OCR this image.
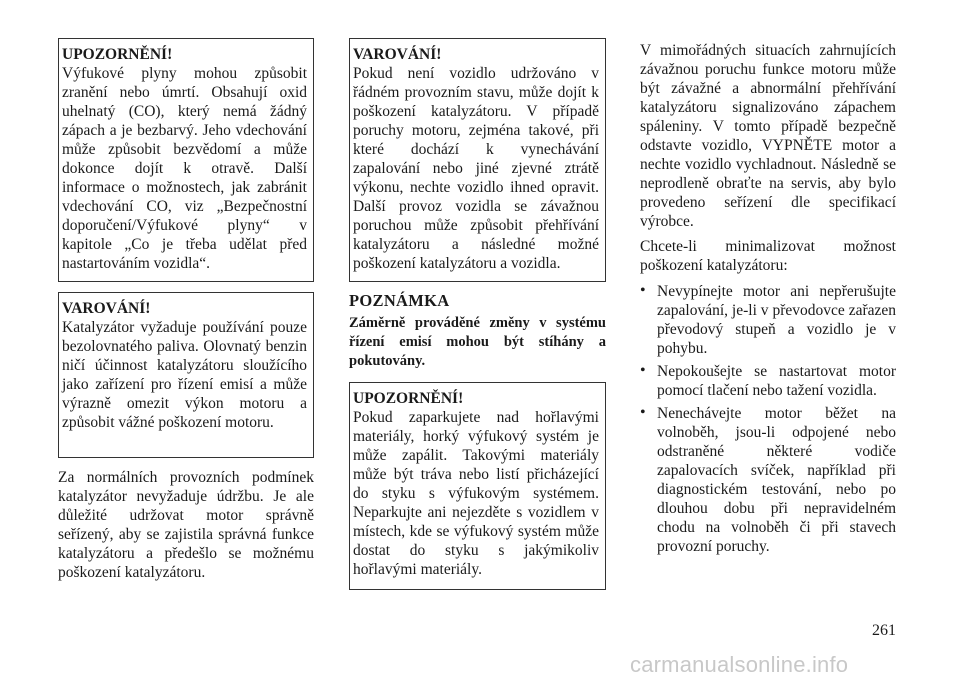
UPOZORNĚNÍ!
Výfukové plyny mohou způsobit zranění nebo úmrtí. Obsahují oxid uhelnatý (CO), který nemá žádný zápach a je bezbarvý. Jeho vdechování může způsobit bezvědomí a může dokonce dojít k otravě. Další informace o možnostech, jak zabránit vdechování CO, viz „Bezpečnostní doporučení/Výfukové plyny“ v kapitole „Co je třeba udělat před nastartováním vozidla“.
VAROVÁNÍ!
Katalyzátor vyžaduje používání pouze bezolovnatého paliva. Olovnatý benzin ničí účinnost katalyzátoru sloužícího jako zařízení pro řízení emisí a může výrazně omezit výkon motoru a způsobit vážné poškození motoru.
Za normálních provozních podmínek katalyzátor nevyžaduje údržbu. Je ale důležité udržovat motor správně seřízený, aby se zajistila správná funkce katalyzátoru a předešlo se možnému poškození katalyzátoru.
VAROVÁNÍ!
Pokud není vozidlo udržováno v řádném provozním stavu, může dojít k poškození katalyzátoru. V případě poruchy motoru, zejména takové, při které dochází k vynechávání zapalování nebo jiné zjevné ztrátě výkonu, nechte vozidlo ihned opravit. Další provoz vozidla se závažnou poruchou může způsobit přehřívání katalyzátoru a následné možné poškození katalyzátoru a vozidla.
POZNÁMKA
Záměrně prováděné změny v systému řízení emisí mohou být stíhány a pokutovány.
UPOZORNĚNÍ!
Pokud zaparkujete nad hořlavými materiály, horký výfukový systém je může zapálit. Takovými materiály může být tráva nebo listí přicházející do styku s výfukovým systémem. Neparkujte ani nejezděte s vozidlem v místech, kde se výfukový systém může dostat do styku s jakýmikoliv hořlavými materiály.
V mimořádných situacích zahrnujících závažnou poruchu funkce motoru může být závažné a abnormální přehřívání katalyzátoru signalizováno zápachem spáleniny. V tomto případě bezpečně odstavte vozidlo, VYPNĚTE motor a nechte vozidlo vychladnout. Následně se neprodleně obraťte na servis, aby bylo provedeno seřízení dle specifikací výrobce.
Chcete-li minimalizovat možnost poškození katalyzátoru:
• Nevypínejte motor ani nepřerušujte zapalování, je-li v převodovce zařazen převodový stupeň a vozidlo je v pohybu.
• Nepokoušejte se nastartovat motor pomocí tlačení nebo tažení vozidla.
• Nenechávejte motor běžet na volnoběh, jsou-li odpojené nebo odstraněné některé vodiče zapalovacích svíček, například při diagnostickém testování, nebo po dlouhou dobu při nepravidelném chodu na volnoběh či při stavech provozní poruchy.
261
carmanualsonline.info
